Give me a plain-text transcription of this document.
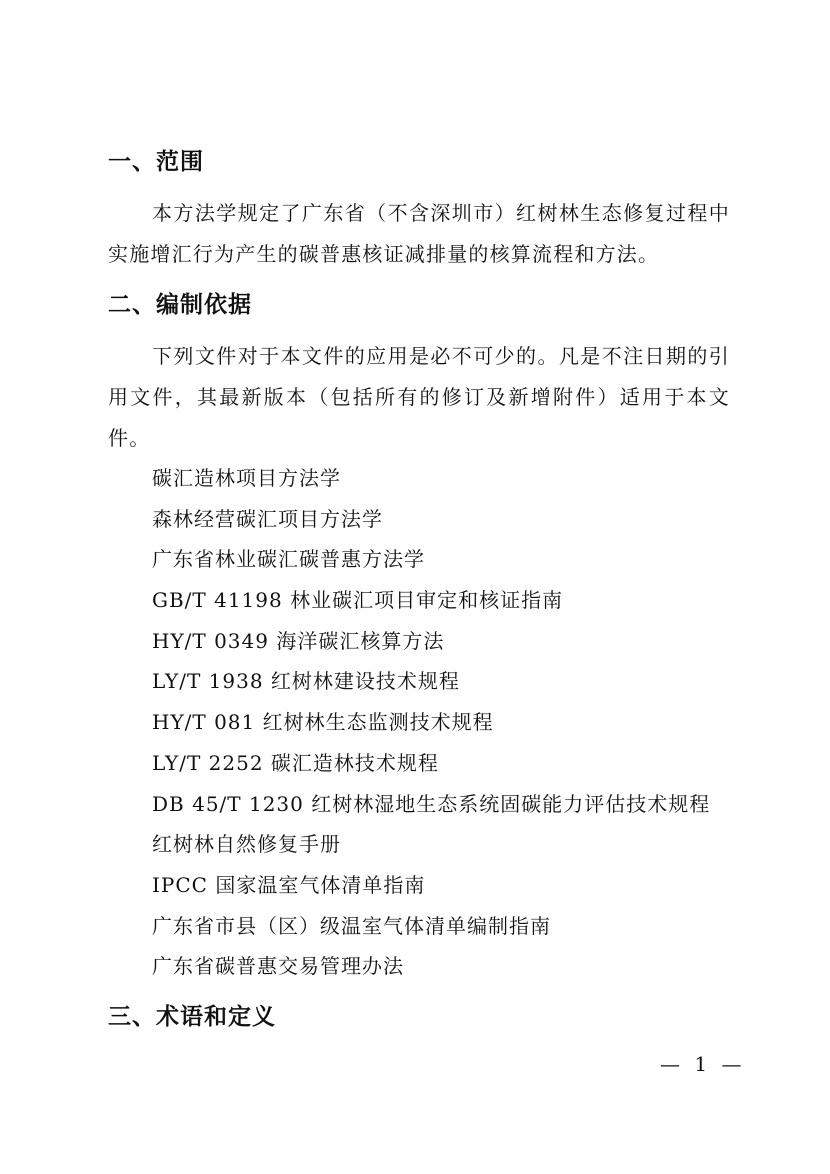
一、范围

本方法学规定了广东省（不含深圳市）红树林生态修复过程中实施增汇行为产生的碳普惠核证减排量的核算流程和方法。

二、编制依据

下列文件对于本文件的应用是必不可少的。凡是不注日期的引用文件，其最新版本（包括所有的修订及新增附件）适用于本文件。

碳汇造林项目方法学
森林经营碳汇项目方法学
广东省林业碳汇碳普惠方法学
GB/T 41198 林业碳汇项目审定和核证指南
HY/T 0349 海洋碳汇核算方法
LY/T 1938 红树林建设技术规程
HY/T 081 红树林生态监测技术规程
LY/T 2252 碳汇造林技术规程
DB 45/T 1230 红树林湿地生态系统固碳能力评估技术规程
红树林自然修复手册
IPCC 国家温室气体清单指南
广东省市县（区）级温室气体清单编制指南
广东省碳普惠交易管理办法
三、术语和定义
— 1 —
